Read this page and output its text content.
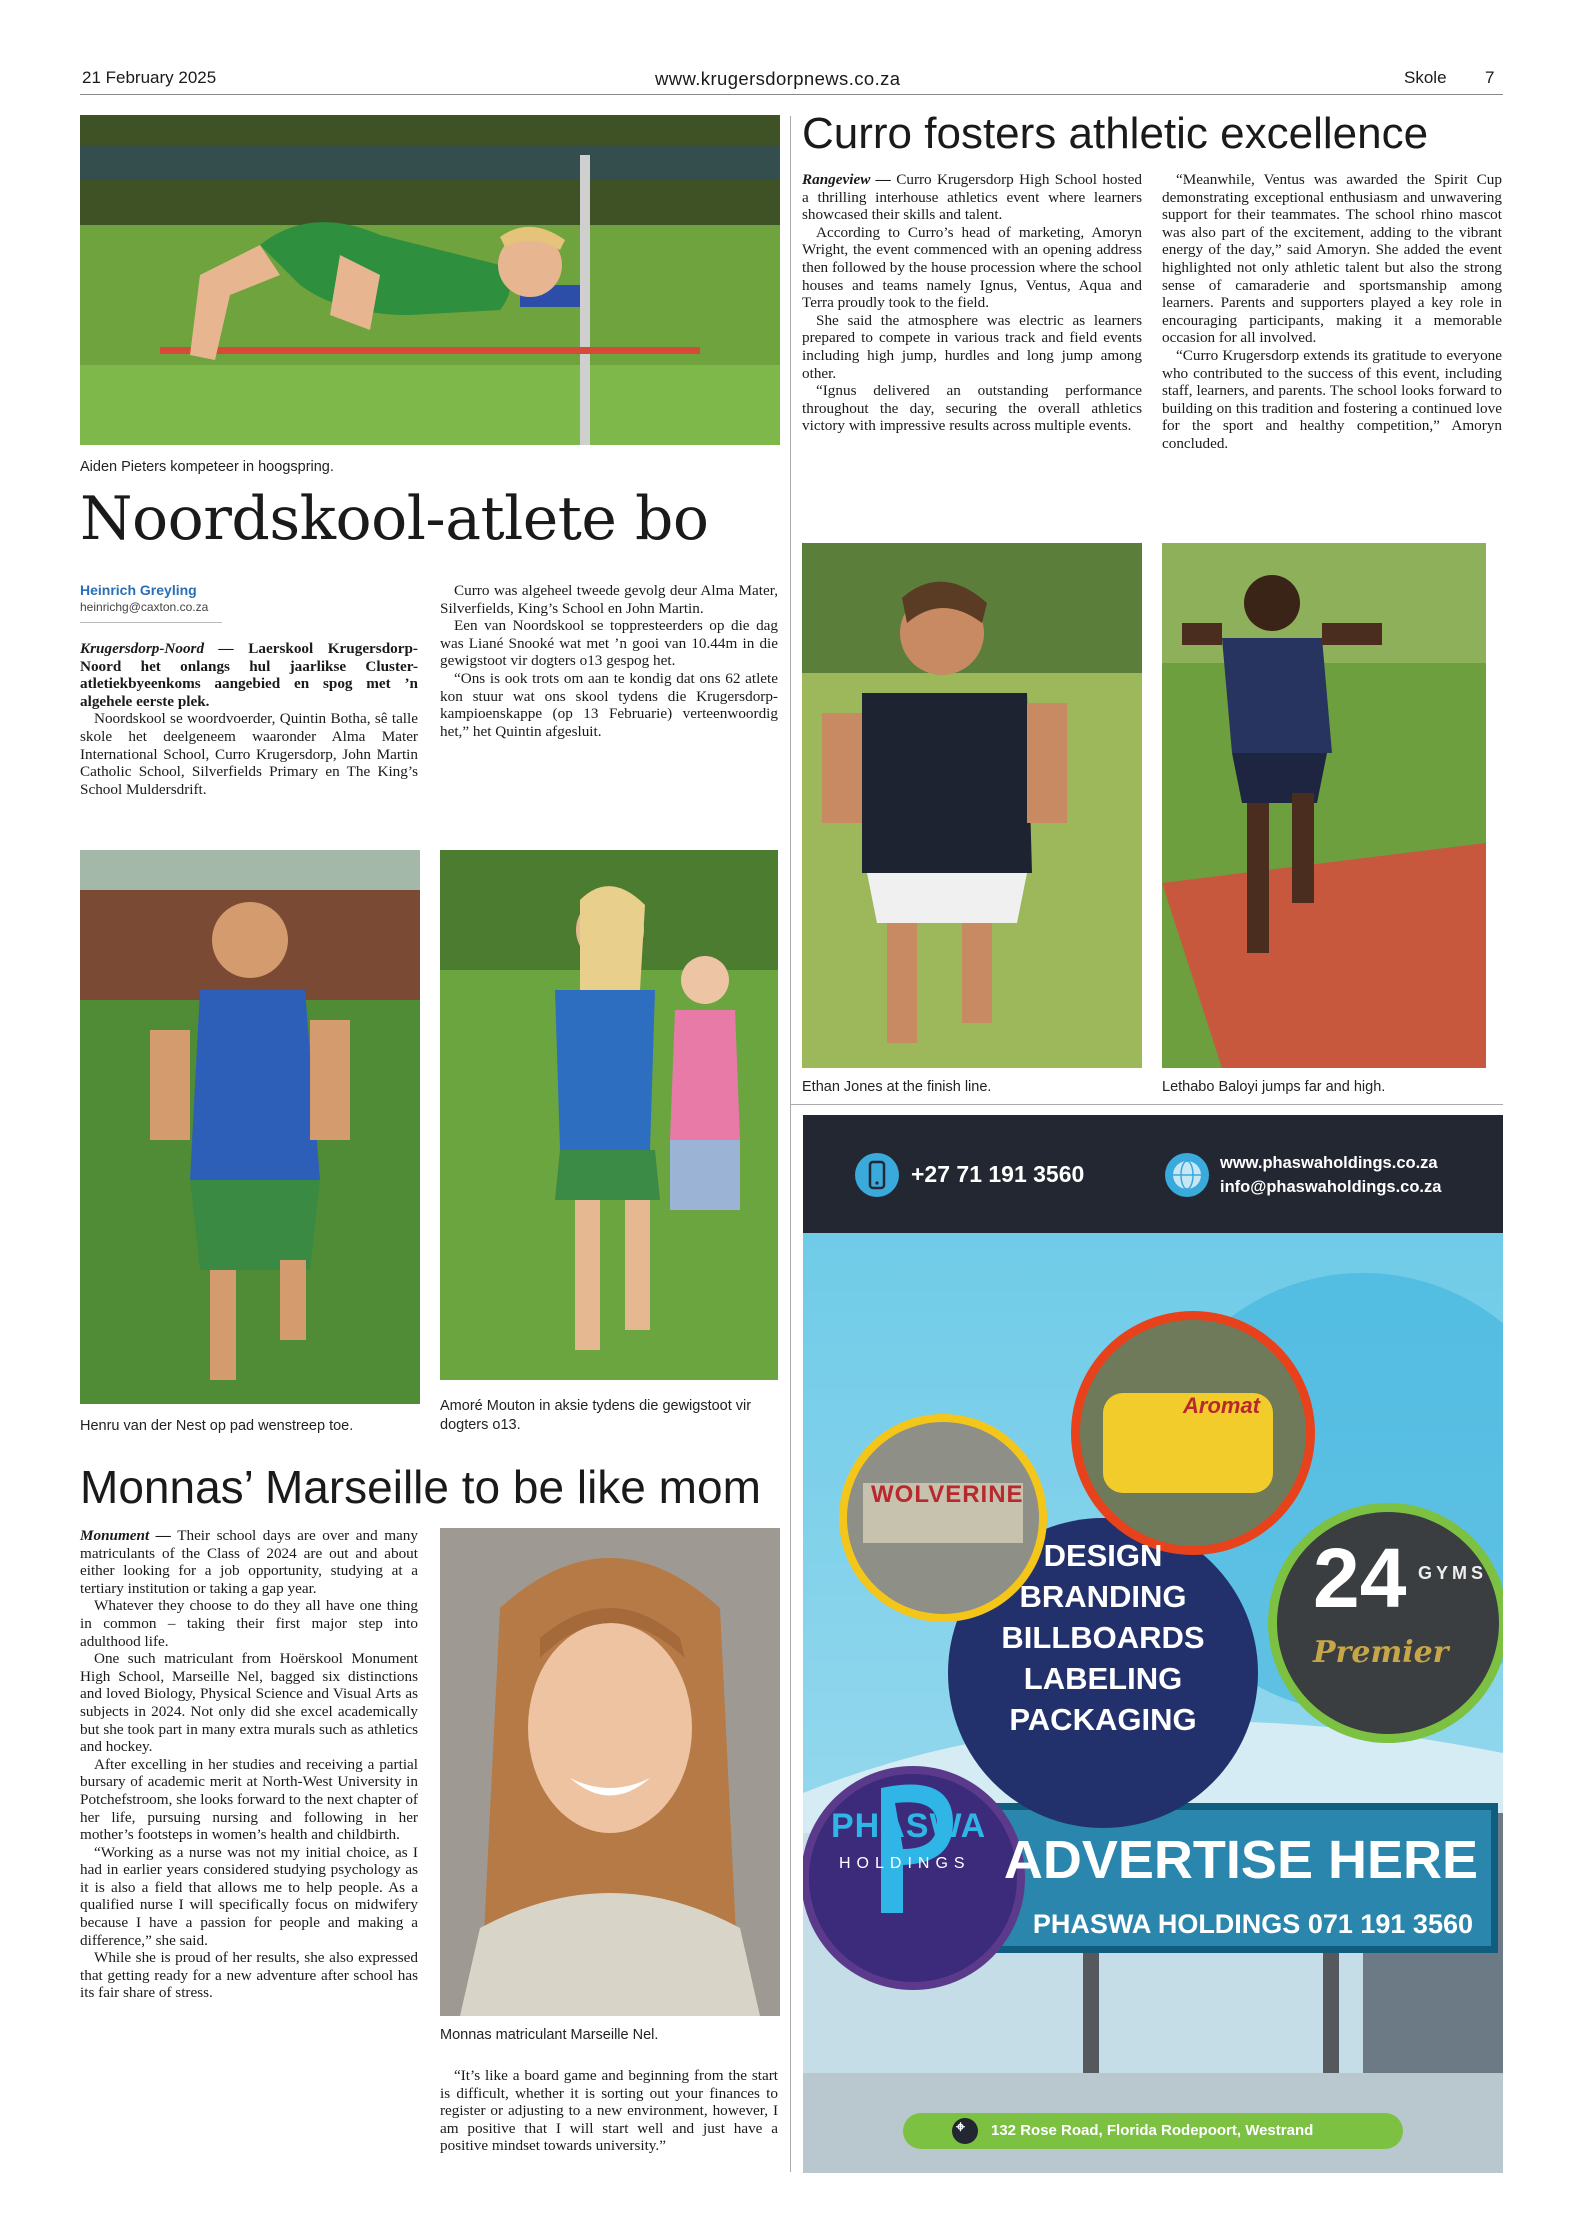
21 February 2025	www.krugersdorpnews.co.za	Skole 7
Aiden Pieters kompeteer in hoogspring.
Noordskool-atlete bo
Heinrich Greyling
heinrichg@caxton.co.za

Krugersdorp-Noord — Laerskool Krugersdorp-Noord het onlangs hul jaarlikse Cluster-atletiekbyeenkoms aangebied en spog met ’n algehele eerste plek.

Noordskool se woordvoerder, Quintin Botha, sê talle skole het deelgeneem waaronder Alma Mater International School, Curro Krugersdorp, John Martin Catholic School, Silverfields Primary en The King’s School Muldersdrift.

Curro was algeheel tweede gevolg deur Alma Mater, Silverfields, King’s School en John Martin.

Een van Noordskool se toppresteerders op die dag was Liané Snooké wat met ’n gooi van 10.44m in die gewigstoot vir dogters o13 gespog het.

“Ons is ook trots om aan te kondig dat ons 62 atlete kon stuur wat ons skool tydens die Krugersdorp-kampioenskappe (op 13 Februarie) verteenwoordig het,” het Quintin afgesluit.

Henru van der Nest op pad wenstreep toe.
Amoré Mouton in aksie tydens die gewigstoot vir dogters o13.
Monnas’ Marseille to be like mom

Monument — Their school days are over and many matriculants of the Class of 2024 are out and about either looking for a job opportunity, studying at a tertiary institution or taking a gap year.

Whatever they choose to do they all have one thing in common – taking their first major step into adulthood life.

One such matriculant from Hoërskool Monument High School, Marseille Nel, bagged six distinctions and loved Biology, Physical Science and Visual Arts as subjects in 2024. Not only did she excel academically but she took part in many extra murals such as athletics and hockey.

After excelling in her studies and receiving a partial bursary of academic merit at North-West University in Potchefstroom, she looks forward to the next chapter of her life, pursuing nursing and following in her mother’s footsteps in women’s health and childbirth.

“Working as a nurse was not my initial choice, as I had in earlier years considered studying psychology as it is also a field that allows me to help people. As a qualified nurse I will specifically focus on midwifery because I have a passion for people and making a difference,” she said.

While she is proud of her results, she also expressed that getting ready for a new adventure after school has its fair share of stress.

Monnas matriculant Marseille Nel.

“It’s like a board game and beginning from the start is difficult, whether it is sorting out your finances to register or adjusting to a new environment, however, I am positive that I will start well and just have a positive mindset towards university.”

Curro fosters athletic excellence

Rangeview — Curro Krugersdorp High School hosted a thrilling interhouse athletics event where learners showcased their skills and talent.

According to Curro’s head of marketing, Amoryn Wright, the event commenced with an opening address then followed by the house procession where the school houses and teams namely Ignus, Ventus, Aqua and Terra proudly took to the field.

She said the atmosphere was electric as learners prepared to compete in various track and field events including high jump, hurdles and long jump among other.

“Ignus delivered an outstanding performance throughout the day, securing the overall athletics victory with impressive results across multiple events.

“Meanwhile, Ventus was awarded the Spirit Cup demonstrating exceptional enthusiasm and unwavering support for their teammates. The school rhino mascot was also part of the excitement, adding to the vibrant energy of the day,” said Amoryn. She added the event highlighted not only athletic talent but also the strong sense of camaraderie and sportsmanship among learners. Parents and supporters played a key role in encouraging participants, making it a memorable occasion for all involved.

“Curro Krugersdorp extends its gratitude to everyone who contributed to the success of this event, including staff, learners, and parents. The school looks forward to building on this tradition and fostering a continued love for the sport and healthy competition,” Amoryn concluded.

Ethan Jones at the finish line.	Lethabo Baloyi jumps far and high.
+27 71 191 3560	www.phaswaholdings.co.za
info@phaswaholdings.co.za
WOLVERINE
Aromat
24 GYMS
Premier
DESIGN
BRANDING
BILLBOARDS
LABELING
PACKAGING
PHASWA
HOLDINGS ADVERTISE HERE
PHASWA HOLDINGS 071 191 3560
⌖ 132 Rose Road, Florida Rodepoort, Westrand
